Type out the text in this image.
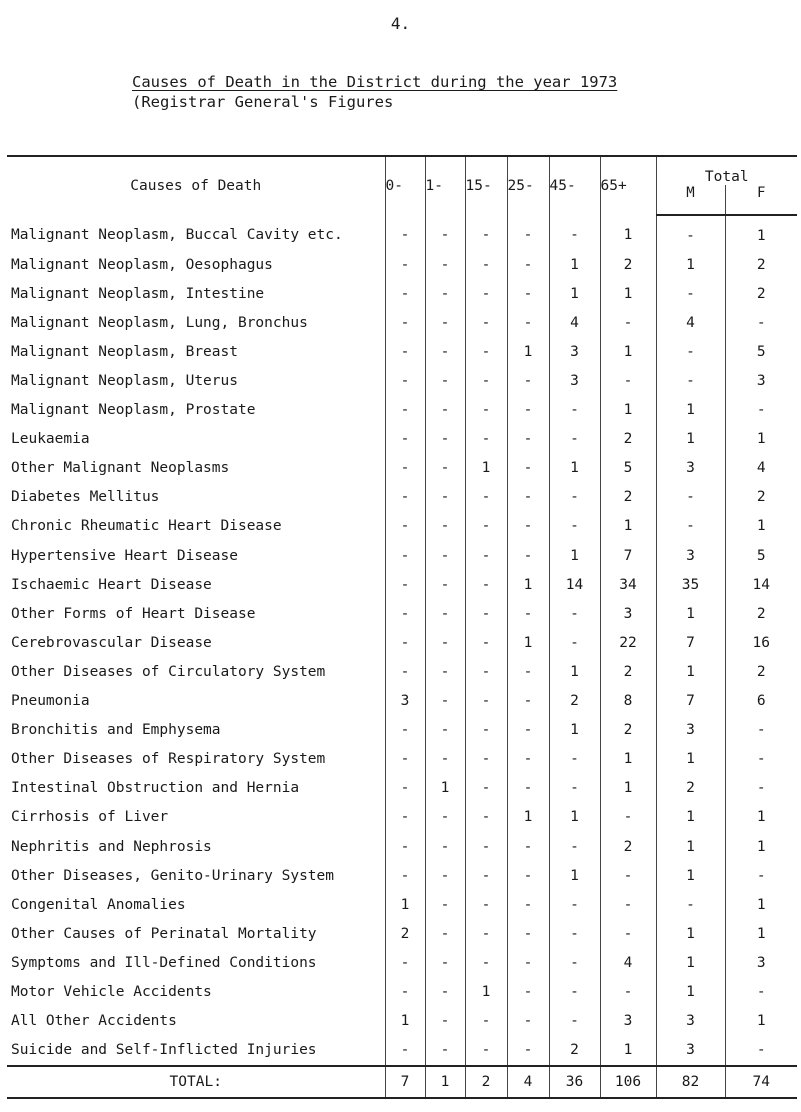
4.
Causes of Death in the District during the year 1973
(Registrar General's Figures
Causes of Death	0-	1-	15-	25-	45-	65+	Total	
							M	F
Malignant Neoplasm, Buccal Cavity etc.	-	-	-	-	-	1	-	1
Malignant Neoplasm, Oesophagus	-	-	-	-	1	2	1	2
Malignant Neoplasm, Intestine	-	-	-	-	1	1	-	2
Malignant Neoplasm, Lung, Bronchus	-	-	-	-	4	-	4	-
Malignant Neoplasm, Breast	-	-	-	1	3	1	-	5
Malignant Neoplasm, Uterus	-	-	-	-	3	-	-	3
Malignant Neoplasm, Prostate	-	-	-	-	-	1	1	-
Leukaemia	-	-	-	-	-	2	1	1
Other Malignant Neoplasms	-	-	1	-	1	5	3	4
Diabetes Mellitus	-	-	-	-	-	2	-	2
Chronic Rheumatic Heart Disease	-	-	-	-	-	1	-	1
Hypertensive Heart Disease	-	-	-	-	1	7	3	5
Ischaemic Heart Disease	-	-	-	1	14	34	35	14
Other Forms of Heart Disease	-	-	-	-	-	3	1	2
Cerebrovascular Disease	-	-	-	1	-	22	7	16
Other Diseases of Circulatory System	-	-	-	-	1	2	1	2
Pneumonia	3	-	-	-	2	8	7	6
Bronchitis and Emphysema	-	-	-	-	1	2	3	-
Other Diseases of Respiratory System	-	-	-	-	-	1	1	-
Intestinal Obstruction and Hernia	-	1	-	-	-	1	2	-
Cirrhosis of Liver	-	-	-	1	1	-	1	1
Nephritis and Nephrosis	-	-	-	-	-	2	1	1
Other Diseases, Genito-Urinary System	-	-	-	-	1	-	1	-
Congenital Anomalies	1	-	-	-	-	-	-	1
Other Causes of Perinatal Mortality	2	-	-	-	-	-	1	1
Symptoms and Ill-Defined Conditions	-	-	-	-	-	4	1	3
Motor Vehicle Accidents	-	-	1	-	-	-	1	-
All Other Accidents	1	-	-	-	-	3	3	1
Suicide and Self-Inflicted Injuries	-	-	-	-	2	1	3	-
TOTAL:	7	1	2	4	36	106	82	74
